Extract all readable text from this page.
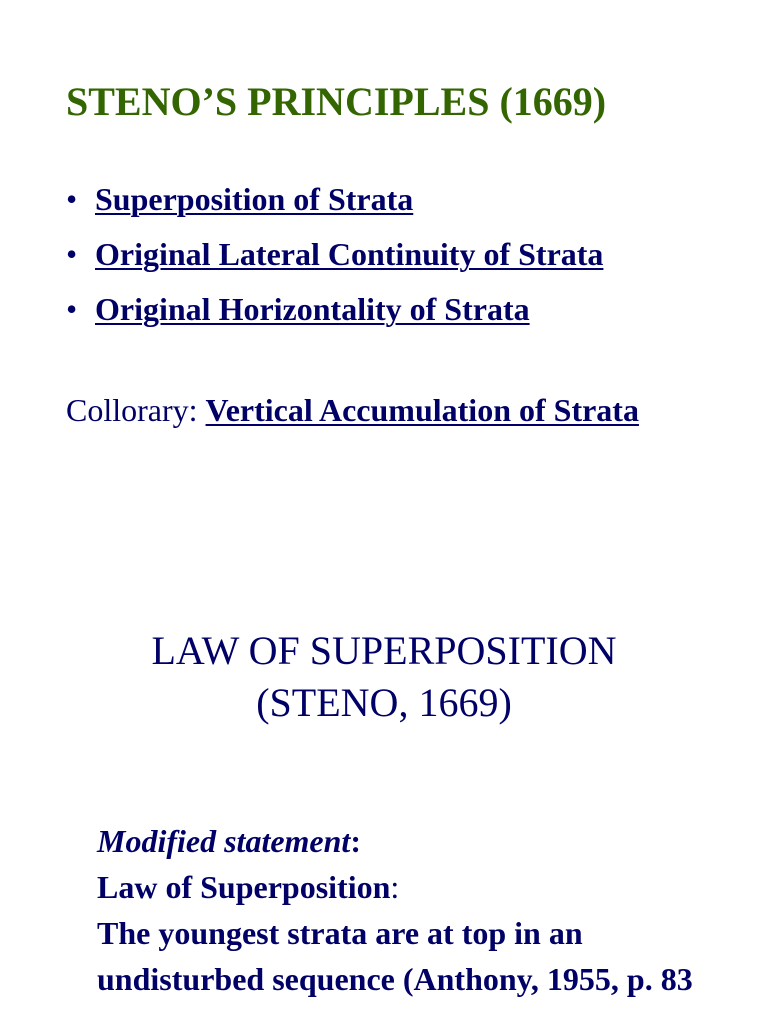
STENO’S PRINCIPLES (1669)
• Superposition of Strata
• Original Lateral Continuity of Strata
• Original Horizontality of Strata

Collorary: Vertical Accumulation of Strata

LAW OF SUPERPOSITION
(STENO, 1669)
Modified statement:
Law of Superposition:
The youngest strata are at top in an undisturbed sequence (Anthony, 1955, p. 83
